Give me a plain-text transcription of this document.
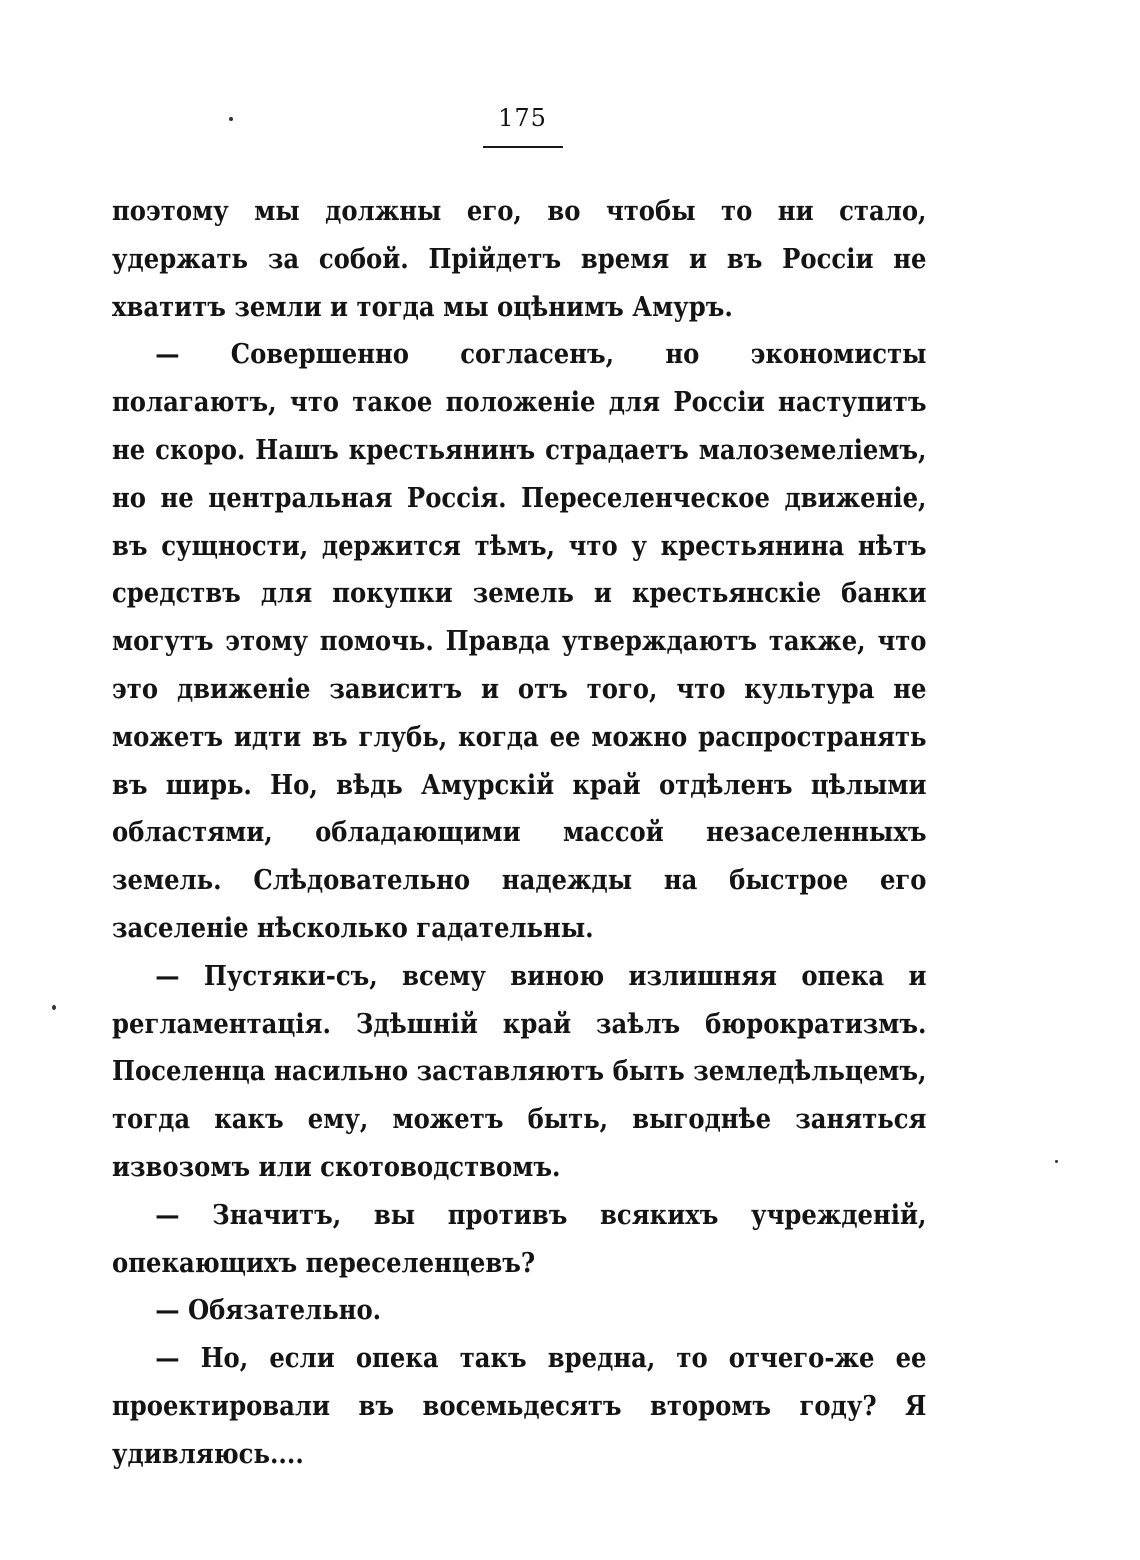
175

поэтому мы должны его, во чтобы то ни стало, удержать за собой. Прійдетъ время и въ Россіи не хватитъ земли и тогда мы оцѣнимъ Амуръ.

— Совершенно согласенъ, но экономисты полагаютъ, что такое положеніе для Россіи наступитъ не скоро. Нашъ крестьянинъ страдаетъ малоземеліемъ, но не центральная Россія. Переселенческое движеніе, въ сущности, держится тѣмъ, что у крестьянина нѣтъ средствъ для покупки земель и крестьянскіе банки могутъ этому помочь. Правда утверждаютъ также, что это движеніе зависитъ и отъ того, что культура не можетъ идти въ глубь, когда ее можно распространять въ ширь. Но, вѣдь Амурскій край отдѣленъ цѣлыми областями, обладающими массой незаселенныхъ земель. Слѣдовательно надежды на быстрое его заселеніе нѣсколько гадательны.

— Пустяки-съ, всему виною излишняя опека и регламентація. Здѣшній край заѣлъ бюрократизмъ. Поселенца насильно заставляютъ быть земледѣльцемъ, тогда какъ ему, можетъ быть, выгоднѣе заняться извозомъ или скотоводствомъ.

— Значитъ, вы противъ всякихъ учрежденій, опекающихъ переселенцевъ?

— Обязательно.

— Но, если опека такъ вредна, то отчего-же ее проектировали въ восемьдесятъ второмъ году? Я удивляюсь....
